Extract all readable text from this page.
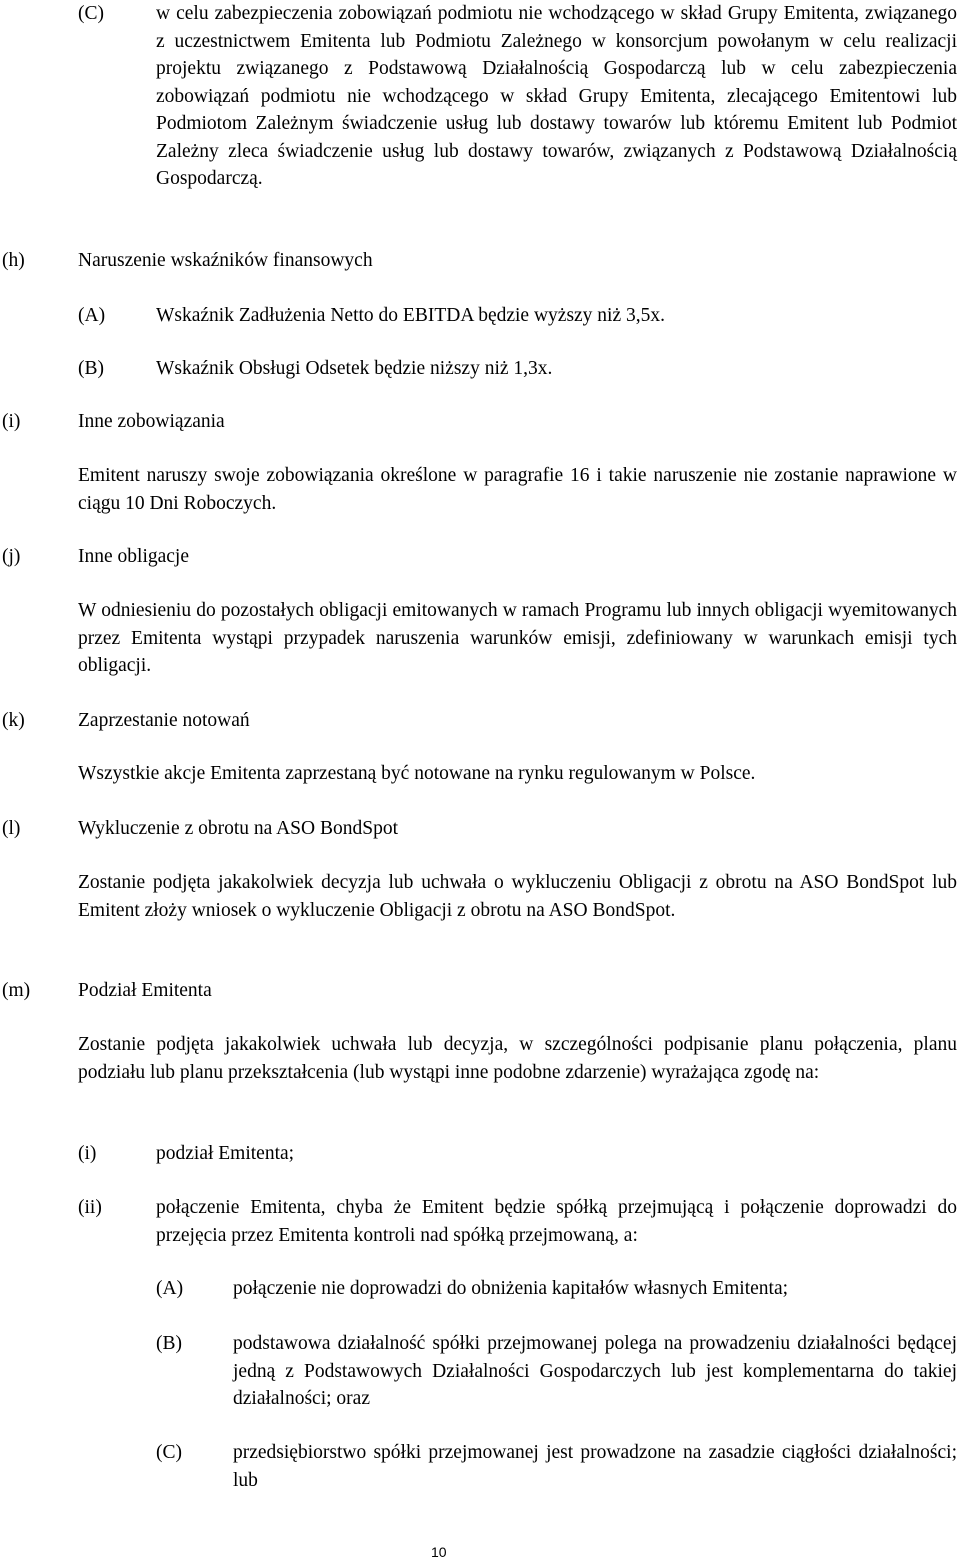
(C)	w celu zabezpieczenia zobowiązań podmiotu nie wchodzącego w skład Grupy Emitenta, związanego z uczestnictwem Emitenta lub Podmiotu Zależnego w konsorcjum powołanym w celu realizacji projektu związanego z Podstawową Działalnością Gospodarczą lub w celu zabezpieczenia zobowiązań podmiotu nie wchodzącego w skład Grupy Emitenta, zlecającego Emitentowi lub Podmiotom Zależnym świadczenie usług lub dostawy towarów lub któremu Emitent lub Podmiot Zależny zleca świadczenie usług lub dostawy towarów, związanych z Podstawową Działalnością Gospodarczą.
(h)	Naruszenie wskaźników finansowych
(A)	Wskaźnik Zadłużenia Netto do EBITDA będzie wyższy niż 3,5x.
(B)	Wskaźnik Obsługi Odsetek będzie niższy niż 1,3x.
(i)	Inne zobowiązania
Emitent naruszy swoje zobowiązania określone w paragrafie 16 i takie naruszenie nie zostanie naprawione w ciągu 10 Dni Roboczych.
(j)	Inne obligacje
W odniesieniu do pozostałych obligacji emitowanych w ramach Programu lub innych obligacji wyemitowanych przez Emitenta wystąpi przypadek naruszenia warunków emisji, zdefiniowany w warunkach emisji tych obligacji.
(k)	Zaprzestanie notowań
Wszystkie akcje Emitenta zaprzestaną być notowane na rynku regulowanym w Polsce.
(l)	Wykluczenie z obrotu na ASO BondSpot
Zostanie podjęta jakakolwiek decyzja lub uchwała o wykluczeniu Obligacji z obrotu na ASO BondSpot lub Emitent złoży wniosek o wykluczenie Obligacji z obrotu na ASO BondSpot.
(m) Podział Emitenta
Zostanie podjęta jakakolwiek uchwała lub decyzja, w szczególności podpisanie planu połączenia, planu podziału lub planu przekształcenia (lub wystąpi inne podobne zdarzenie) wyrażająca zgodę na:
(i)	podział Emitenta;
(ii)	połączenie Emitenta, chyba że Emitent będzie spółką przejmującą i połączenie doprowadzi do przejęcia przez Emitenta kontroli nad spółką przejmowaną, a:
(A)	połączenie nie doprowadzi do obniżenia kapitałów własnych Emitenta;
(B)	podstawowa działalność spółki przejmowanej polega na prowadzeniu działalności będącej jedną z Podstawowych Działalności Gospodarczych lub jest komplementarna do takiej działalności; oraz
(C)	przedsiębiorstwo spółki przejmowanej jest prowadzone na zasadzie ciągłości działalności; lub
10
